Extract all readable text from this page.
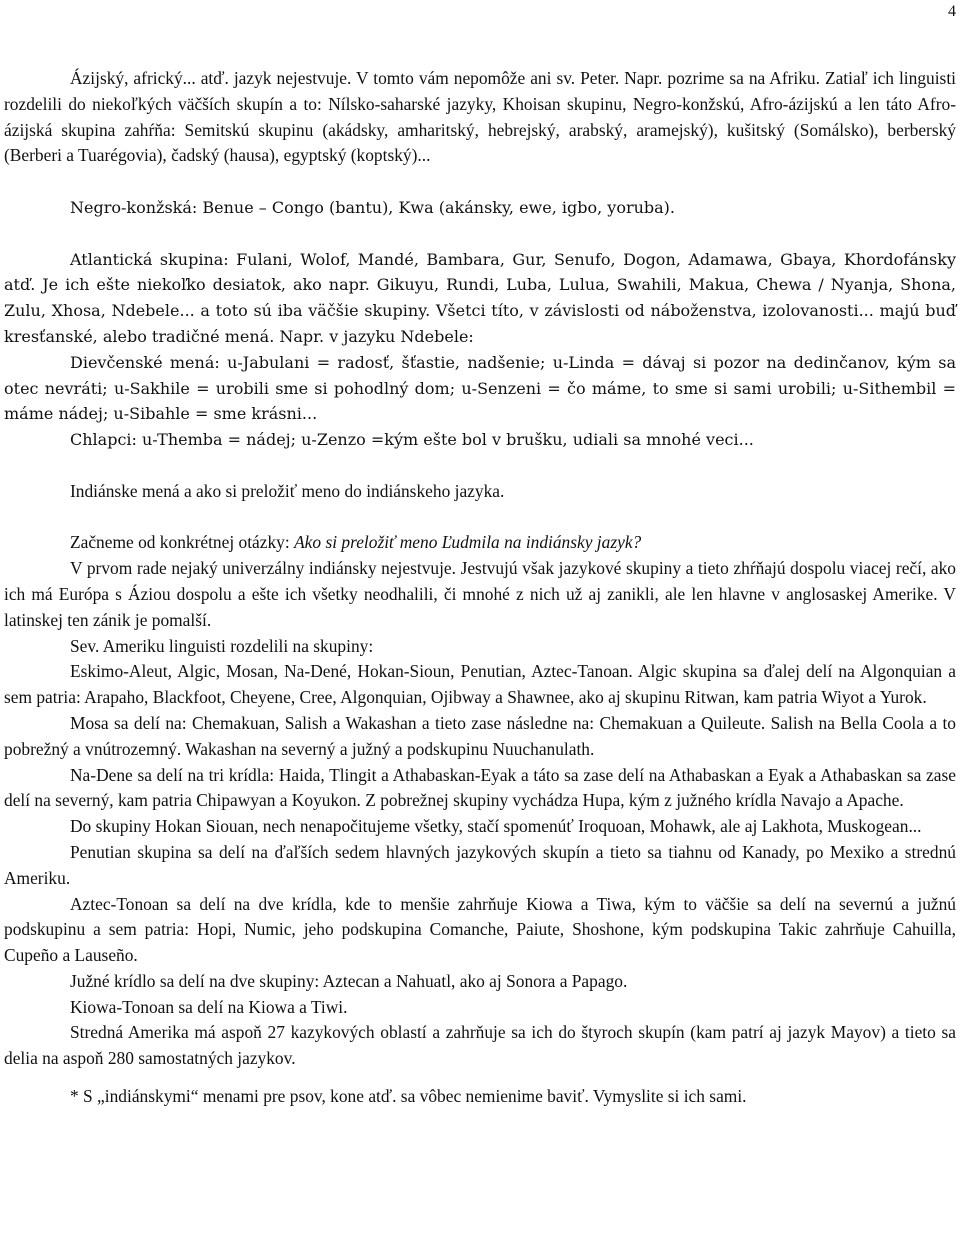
4

Ázijský, africký... atď. jazyk nejestvuje. V tomto vám nepomôže ani sv. Peter. Napr. pozrime sa na Afriku. Zatiaľ ich linguisti rozdelili do niekoľkých väčších skupín a to: Nílsko-saharské jazyky, Khoisan skupinu, Negro-konžskú, Afro-ázijskú a len táto Afro-ázijská skupina zahŕňa: Semitskú skupinu (akádsky, amharitský, hebrejský, arabský, aramejský), kušitský (Somálsko), berberský (Berberi a Tuarégovia), čadský (hausa), egyptský (koptský)...

Negro-konžská: Benue – Congo (bantu), Kwa (akánsky, ewe, igbo, yoruba).

Atlantická skupina: Fulani, Wolof, Mandé, Bambara, Gur, Senufo, Dogon, Adamawa, Gbaya, Khordofánsky atď. Je ich ešte niekoľko desiatok, ako napr. Gikuyu, Rundi, Luba, Lulua, Swahili, Makua, Chewa / Nyanja, Shona, Zulu, Xhosa, Ndebele... a toto sú iba väčšie skupiny. Všetci títo, v závislosti od náboženstva, izolovanosti... majú buď kresťanské, alebo tradičné mená. Napr. v jazyku Ndebele:

Dievčenské mená: u-Jabulani = radosť, šťastie, nadšenie; u-Linda = dávaj si pozor na dedinčanov, kým sa otec nevráti; u-Sakhile = urobili sme si pohodlný dom; u-Senzeni = čo máme, to sme si sami urobili; u-Sithembil = máme nádej; u-Sibahle = sme krásni...

Chlapci: u-Themba = nádej; u-Zenzo =kým ešte bol v brušku, udiali sa mnohé veci...

Indiánske mená a ako si preložiť meno do indiánskeho jazyka.

Začneme od konkrétnej otázky: Ako si preložiť meno Ľudmila na indiánsky jazyk?

V prvom rade nejaký univerzálny indiánsky nejestvuje. Jestvujú však jazykové skupiny a tieto zhŕňajú dospolu viacej rečí, ako ich má Európa s Áziou dospolu a ešte ich všetky neodhalili, či mnohé z nich už aj zanikli, ale len hlavne v anglosaskej Amerike. V latinskej ten zánik je pomalší.

Sev. Ameriku linguisti rozdelili na skupiny:

Eskimo-Aleut, Algic, Mosan, Na-Dené, Hokan-Sioun, Penutian, Aztec-Tanoan. Algic skupina sa ďalej delí na Algonquian a sem patria: Arapaho, Blackfoot, Cheyene, Cree, Algonquian, Ojibway a Shawnee, ako aj skupinu Ritwan, kam patria Wiyot a Yurok.

Mosa sa delí na: Chemakuan, Salish a Wakashan a tieto zase následne na: Chemakuan a Quileute. Salish na Bella Coola a to pobrežný a vnútrozemný. Wakashan na severný a južný a podskupinu Nuuchanulath.

Na-Dene sa delí na tri krídla: Haida, Tlingit a Athabaskan-Eyak a táto sa zase delí na Athabaskan a Eyak a Athabaskan sa zase delí na severný, kam patria Chipawyan a Koyukon. Z pobrežnej skupiny vychádza Hupa, kým z južného krídla Navajo a Apache.

Do skupiny Hokan Siouan, nech nenapočitujeme všetky, stačí spomenúť Iroquoan, Mohawk, ale aj Lakhota, Muskogean...

Penutian skupina sa delí na ďaľších sedem hlavných jazykových skupín a tieto sa tiahnu od Kanady, po Mexiko a strednú Ameriku.

Aztec-Tonoan sa delí na dve krídla, kde to menšie zahrňuje Kiowa a Tiwa, kým to väčšie sa delí na severnú a južnú podskupinu a sem patria: Hopi, Numic, jeho podskupina Comanche, Paiute, Shoshone, kým podskupina Takic zahrňuje Cahuilla, Cupeño a Lauseño.

Južné krídlo sa delí na dve skupiny: Aztecan a Nahuatl, ako aj Sonora a Papago.

Kiowa-Tonoan sa delí na Kiowa a Tiwi.

Stredná Amerika má aspoň 27 kazykových oblastí a zahrňuje sa ich do štyroch skupín (kam patrí aj jazyk Mayov) a tieto sa delia na aspoň 280 samostatných jazykov.

* S „indiánskymi“ menami pre psov, kone atď. sa vôbec nemienime baviť. Vymyslite si ich sami.
